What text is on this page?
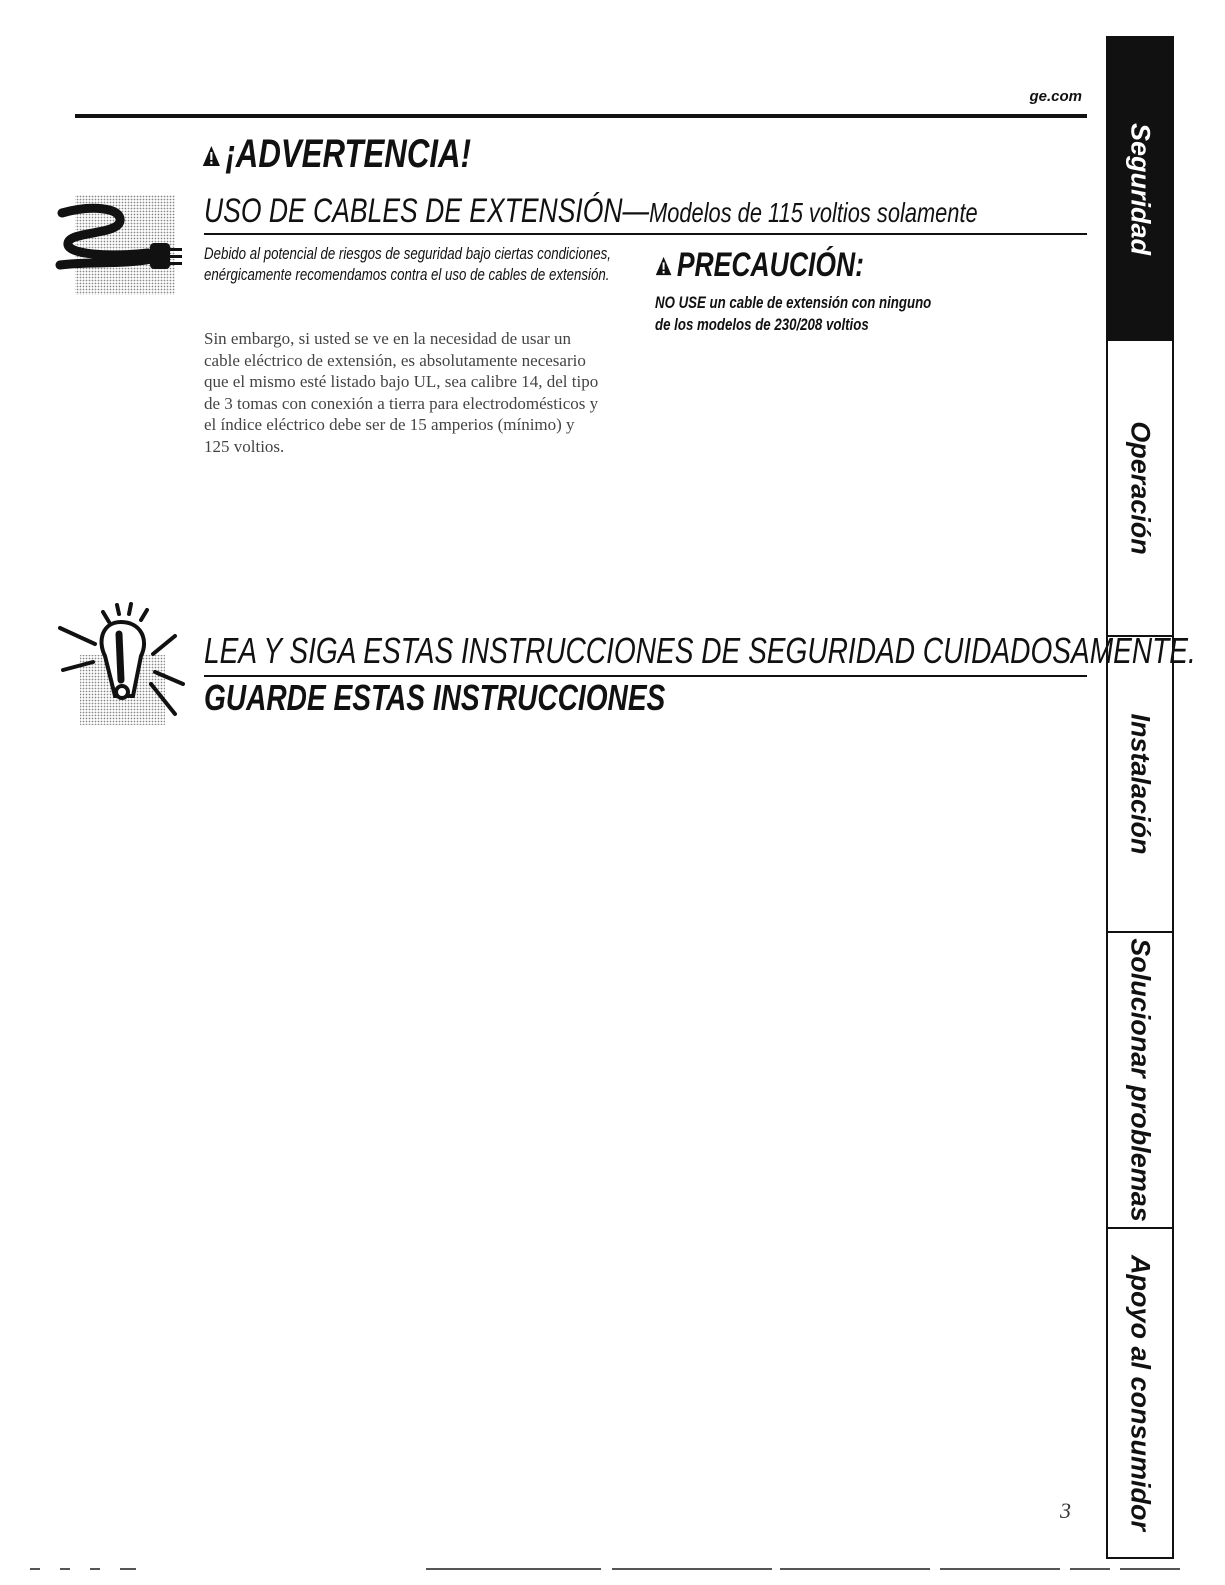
ge.com
¡ADVERTENCIA!
USO DE CABLES DE EXTENSIÓN—Modelos de 115 voltios solamente
Debido al potencial de riesgos de seguridad bajo ciertas condiciones, enérgicamente recomendamos contra el uso de cables de extensión.
Sin embargo, si usted se ve en la necesidad de usar un cable eléctrico de extensión, es absolutamente necesario que el mismo esté listado bajo UL, sea calibre 14, del tipo de 3 tomas con conexión a tierra para electrodomésticos y el índice eléctrico debe ser de 15 amperios (mínimo) y 125 voltios.
PRECAUCIÓN:
NO USE un cable de extensión con ninguno
de los modelos de 230/208 voltios
LEA Y SIGA ESTAS INSTRUCCIONES DE SEGURIDAD CUIDADOSAMENTE.
GUARDE ESTAS INSTRUCCIONES
3
Seguridad
Operación
Instalación
Solucionar problemas
Apoyo al consumidor
